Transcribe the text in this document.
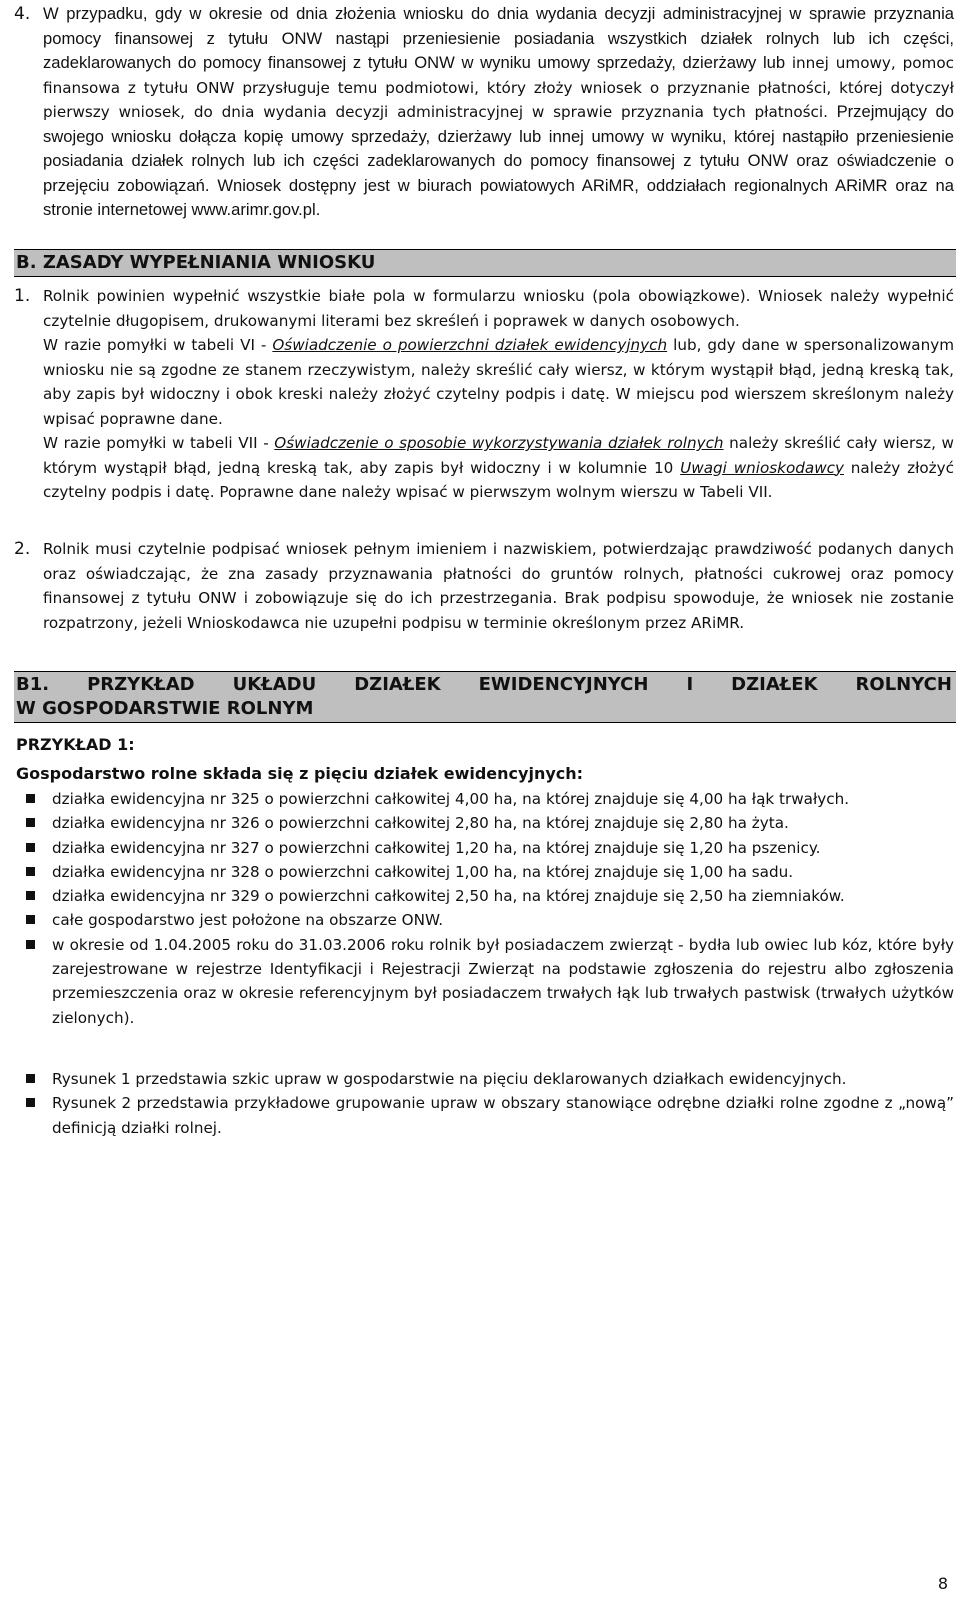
4. W przypadku, gdy w okresie od dnia złożenia wniosku do dnia wydania decyzji administracyjnej w sprawie przyznania pomocy finansowej z tytułu ONW nastąpi przeniesienie posiadania wszystkich działek rolnych lub ich części, zadeklarowanych do pomocy finansowej z tytułu ONW w wyniku umowy sprzedaży, dzierżawy lub innej umowy, pomoc finansowa z tytułu ONW przysługuje temu podmiotowi, który złoży wniosek o przyznanie płatności, której dotyczył pierwszy wniosek, do dnia wydania decyzji administracyjnej w sprawie przyznania tych płatności. Przejmujący do swojego wniosku dołącza kopię umowy sprzedaży, dzierżawy lub innej umowy w wyniku, której nastąpiło przeniesienie posiadania działek rolnych lub ich części zadeklarowanych do pomocy finansowej z tytułu ONW oraz oświadczenie o przejęciu zobowiązań. Wniosek dostępny jest w biurach powiatowych ARiMR, oddziałach regionalnych ARiMR oraz na stronie internetowej www.arimr.gov.pl.
B. ZASADY WYPEŁNIANIA WNIOSKU
1. Rolnik powinien wypełnić wszystkie białe pola w formularzu wniosku (pola obowiązkowe). Wniosek należy wypełnić czytelnie długopisem, drukowanymi literami bez skreśleń i poprawek w danych osobowych.

W razie pomyłki w tabeli VI - Oświadczenie o powierzchni działek ewidencyjnych lub, gdy dane w spersonalizowanym wniosku nie są zgodne ze stanem rzeczywistym, należy skreślić cały wiersz, w którym wystąpił błąd, jedną kreską tak, aby zapis był widoczny i obok kreski należy złożyć czytelny podpis i datę. W miejscu pod wierszem skreślonym należy wpisać poprawne dane.

W razie pomyłki w tabeli VII - Oświadczenie o sposobie wykorzystywania działek rolnych należy skreślić cały wiersz, w którym wystąpił błąd, jedną kreską tak, aby zapis był widoczny i w kolumnie 10 Uwagi wnioskodawcy należy złożyć czytelny podpis i datę. Poprawne dane należy wpisać w pierwszym wolnym wierszu w Tabeli VII.

2. Rolnik musi czytelnie podpisać wniosek pełnym imieniem i nazwiskiem, potwierdzając prawdziwość podanych danych oraz oświadczając, że zna zasady przyznawania płatności do gruntów rolnych, płatności cukrowej oraz pomocy finansowej z tytułu ONW i zobowiązuje się do ich przestrzegania. Brak podpisu spowoduje, że wniosek nie zostanie rozpatrzony, jeżeli Wnioskodawca nie uzupełni podpisu w terminie określonym przez ARiMR.

B1. PRZYKŁAD UKŁADU DZIAŁEK EWIDENCYJNYCH I DZIAŁEK ROLNYCH
W GOSPODARSTWIE ROLNYM
PRZYKŁAD 1:
Gospodarstwo rolne składa się z pięciu działek ewidencyjnych:
działka ewidencyjna nr 325 o powierzchni całkowitej 4,00 ha, na której znajduje się 4,00 ha łąk trwałych.
działka ewidencyjna nr 326 o powierzchni całkowitej 2,80 ha, na której znajduje się 2,80 ha żyta.
działka ewidencyjna nr 327 o powierzchni całkowitej 1,20 ha, na której znajduje się 1,20 ha pszenicy.
działka ewidencyjna nr 328 o powierzchni całkowitej 1,00 ha, na której znajduje się 1,00 ha sadu.
działka ewidencyjna nr 329 o powierzchni całkowitej 2,50 ha, na której znajduje się 2,50 ha ziemniaków.
całe gospodarstwo jest położone na obszarze ONW.
w okresie od 1.04.2005 roku do 31.03.2006 roku rolnik był posiadaczem zwierząt - bydła lub owiec lub kóz, które były zarejestrowane w rejestrze Identyfikacji i Rejestracji Zwierząt na podstawie zgłoszenia do rejestru albo zgłoszenia przemieszczenia oraz w okresie referencyjnym był posiadaczem trwałych łąk lub trwałych pastwisk (trwałych użytków zielonych).
Rysunek 1 przedstawia szkic upraw w gospodarstwie na pięciu deklarowanych działkach ewidencyjnych.
Rysunek 2 przedstawia przykładowe grupowanie upraw w obszary stanowiące odrębne działki rolne zgodne z „nową” definicją działki rolnej.
8
